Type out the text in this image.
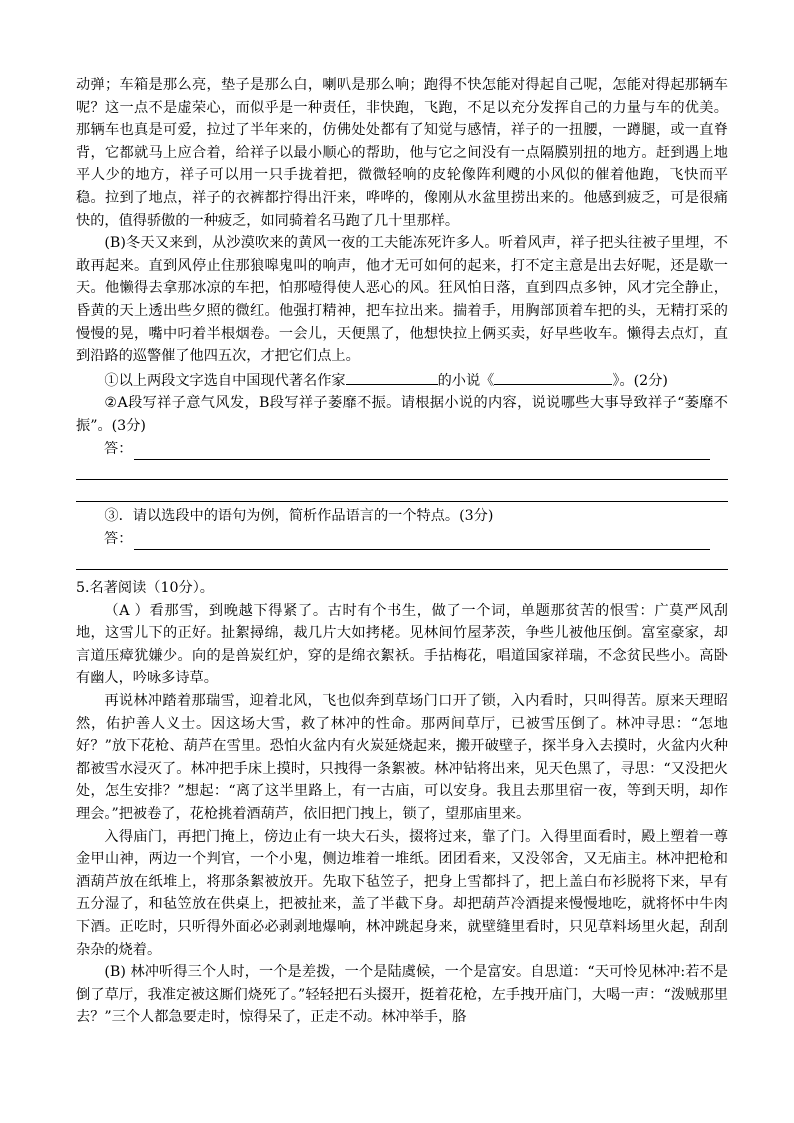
动弹；车箱是那么亮，垫子是那么白，喇叭是那么响；跑得不快怎能对得起自己呢，怎能对得起那辆车呢？这一点不是虚荣心，而似乎是一种责任，非快跑，飞跑，不足以充分发挥自己的力量与车的优美。那辆车也真是可爱，拉过了半年来的，仿佛处处都有了知觉与感情，祥子的一扭腰，一蹲腿，或一直脊背，它都就马上应合着，给祥子以最小顺心的帮助，他与它之间没有一点隔膜别扭的地方。赶到遇上地平人少的地方，祥子可以用一只手拢着把，微微轻响的皮轮像阵利飕的小风似的催着他跑，飞快而平稳。拉到了地点，祥子的衣裤都拧得出汗来，哗哗的，像刚从水盆里捞出来的。他感到疲乏，可是很痛快的，值得骄傲的一种疲乏，如同骑着名马跑了几十里那样。

(B)冬天又来到，从沙漠吹来的黄风一夜的工夫能冻死许多人。听着风声，祥子把头往被子里埋，不敢再起来。直到风停止住那狼嗥鬼叫的响声，他才无可如何的起来，打不定主意是出去好呢，还是歇一天。他懒得去拿那冰凉的车把，怕那噎得使人恶心的风。狂风怕日落，直到四点多钟，风才完全静止，昏黄的天上透出些夕照的微红。他强打精神，把车拉出来。揣着手，用胸部顶着车把的头，无精打采的慢慢的晃，嘴中叼着半根烟卷。一会儿，天便黑了，他想快拉上俩买卖，好早些收车。懒得去点灯，直到沿路的巡警催了他四五次，才把它们点上。

①以上两段文字选自中国现代著名作家	的小说《	》。(2分)

②A段写祥子意气风发，B段写祥子萎靡不振。请根据小说的内容，说说哪些大事导致祥子“萎靡不振”。(3分)

答：

③．请以选段中的语句为例，简析作品语言的一个特点。(3分)

答：

5.名著阅读（10分）。

（A ）看那雪，到晚越下得紧了。古时有个书生，做了一个词，单题那贫苦的恨雪：广莫严风刮地，这雪儿下的正好。扯絮撏绵，裁几片大如拷栳。见林间竹屋茅茨，争些儿被他压倒。富室豪家，却言道压瘴犹嫌少。向的是兽炭红炉，穿的是绵衣絮袄。手拈梅花，唱道国家祥瑞，不念贫民些小。高卧有幽人，吟咏多诗草。

再说林冲踏着那瑞雪，迎着北风，飞也似奔到草场门口开了锁，入内看时，只叫得苦。原来天理昭然，佑护善人义士。因这场大雪，救了林冲的性命。那两间草厅，已被雪压倒了。林冲寻思：“怎地好？”放下花枪、葫芦在雪里。恐怕火盆内有火炭延烧起来，搬开破壁子，探半身入去摸时，火盆内火种都被雪水浸灭了。林冲把手床上摸时，只拽得一条絮被。林冲钻将出来，见天色黑了，寻思：“又没把火处，怎生安排？”想起：“离了这半里路上，有一古庙，可以安身。我且去那里宿一夜，等到天明，却作理会。”把被卷了，花枪挑着酒葫芦，依旧把门拽上，锁了，望那庙里来。

入得庙门，再把门掩上，傍边止有一块大石头，掇将过来，靠了门。入得里面看时，殿上塑着一尊金甲山神，两边一个判官，一个小鬼，侧边堆着一堆纸。团团看来，又没邻舍，又无庙主。林冲把枪和酒葫芦放在纸堆上，将那条絮被放开。先取下毡笠子，把身上雪都抖了，把上盖白布衫脱将下来，早有五分湿了，和毡笠放在供桌上，把被扯来，盖了半截下身。却把葫芦冷酒提来慢慢地吃，就将怀中牛肉下酒。正吃时，只听得外面必必剥剥地爆响，林冲跳起身来，就壁缝里看时，只见草料场里火起，刮刮杂杂的烧着。

(B) 林冲听得三个人时，一个是差拨，一个是陆虞候，一个是富安。自思道：“天可怜见林冲:若不是倒了草厅，我准定被这厮们烧死了。”轻轻把石头掇开，挺着花枪，左手拽开庙门，大喝一声：“泼贼那里去？”三个人都急要走时，惊得呆了，正走不动。林冲举手，胳
